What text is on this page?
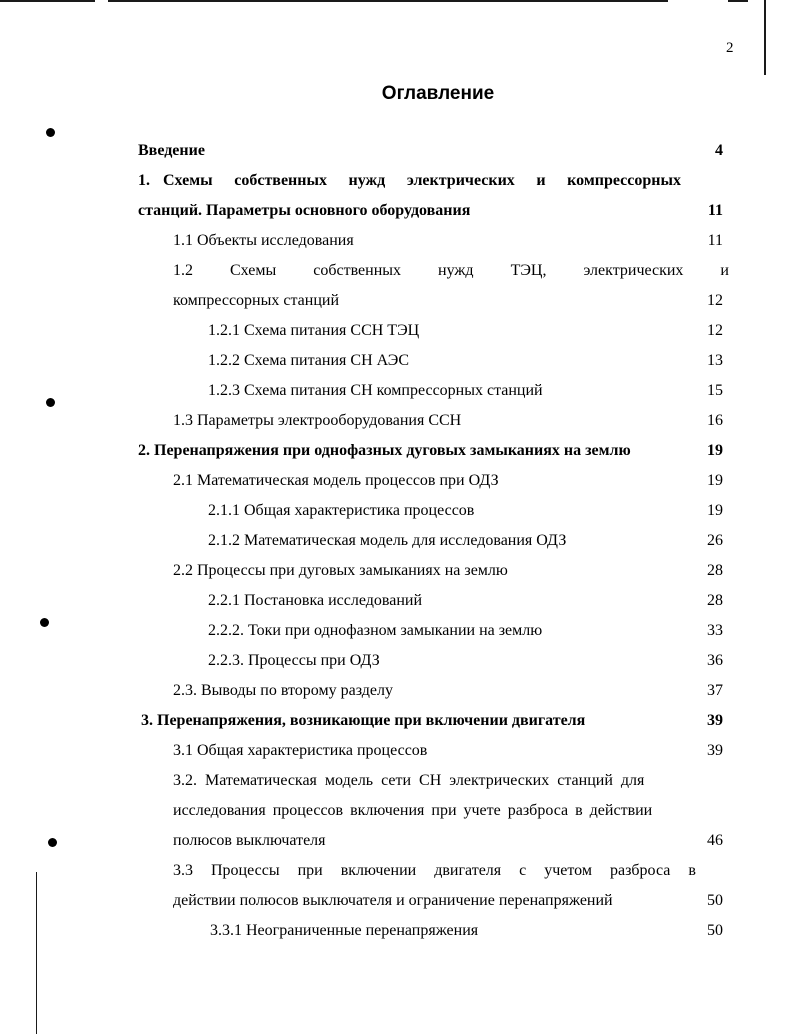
2
Оглавление
Введение	4
1. Схемы собственных нужд электрических и компрессорных
станций. Параметры основного оборудования	11
1.1 Объекты исследования	11
1.2 Схемы собственных нужд ТЭЦ, электрических и
компрессорных станций	12
1.2.1 Схема питания ССН ТЭЦ	12
1.2.2 Схема питания СН АЭС	13
1.2.3 Схема питания СН компрессорных станций	15
1.3 Параметры электрооборудования ССН	16
2. Перенапряжения при однофазных дуговых замыканиях на землю	19
2.1 Математическая модель процессов при ОДЗ	19
2.1.1 Общая характеристика процессов	19
2.1.2 Математическая модель для исследования ОДЗ	26
2.2 Процессы при дуговых замыканиях на землю	28
2.2.1 Постановка исследований	28
2.2.2. Токи при однофазном замыкании на землю	33
2.2.3. Процессы при ОДЗ	36
2.3. Выводы по второму разделу	37
3. Перенапряжения, возникающие при включении двигателя	39
3.1 Общая характеристика процессов	39
3.2. Математическая модель сети СН электрических станций для
исследования процессов включения при учете разброса в действии
полюсов выключателя	46
3.3 Процессы при включении двигателя с учетом разброса в
действии полюсов выключателя и ограничение перенапряжений	50
3.3.1 Неограниченные перенапряжения	50
